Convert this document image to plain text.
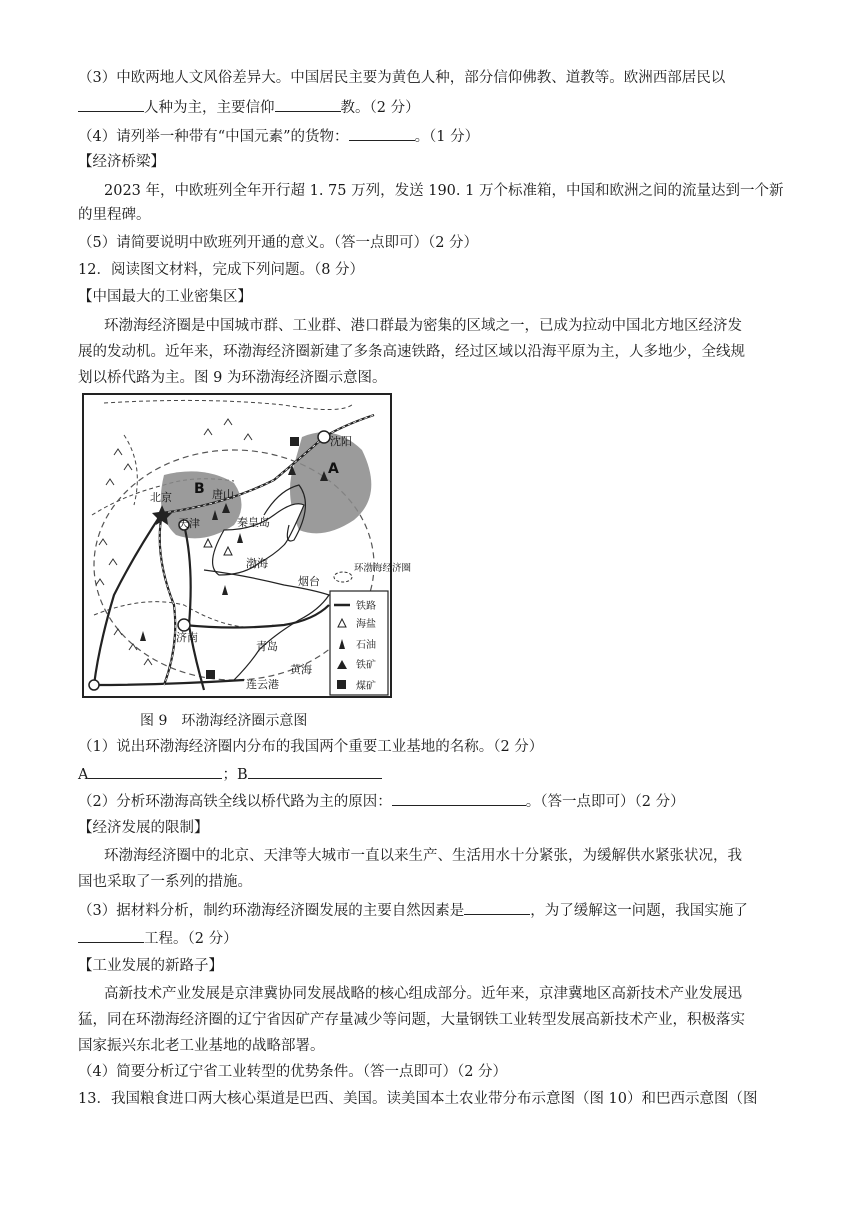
（3）中欧两地人文风俗差异大。中国居民主要为黄色人种，部分信仰佛教、道教等。欧洲西部居民以
人种为主，主要信仰	教。（2 分）
（4）请列举一种带有“中国元素”的货物：	。（1 分）
【经济桥梁】
2023 年，中欧班列全年开行超 1. 75 万列，发送 190. 1 万个标准箱，中国和欧洲之间的流量达到一个新
的里程碑。
（5）请简要说明中欧班列开通的意义。（答一点即可）（2 分）
12．阅读图文材料，完成下列问题。（8 分）
【中国最大的工业密集区】
环渤海经济圈是中国城市群、工业群、港口群最为密集的区域之一，已成为拉动中国北方地区经济发
展的发动机。近年来，环渤海经济圈新建了多条高速铁路，经过区域以沿海平原为主，人多地少，全线规
划以桥代路为主。图 9 为环渤海经济圈示意图。
北京
天津
唐山
沈阳
秦皇岛
渤海
烟台
济南
青岛
黄海
连云港
A
B
环渤海经济圈
铁路
海盐
石油
铁矿
煤矿
图 9　环渤海经济圈示意图
（1）说出环渤海经济圈内分布的我国两个重要工业基地的名称。（2 分）
A	；B
（2）分析环渤海高铁全线以桥代路为主的原因：	。（答一点即可）（2 分）
【经济发展的限制】
环渤海经济圈中的北京、天津等大城市一直以来生产、生活用水十分紧张，为缓解供水紧张状况，我
国也采取了一系列的措施。
（3）据材料分析，制约环渤海经济圈发展的主要自然因素是	，为了缓解这一问题，我国实施了
工程。（2 分）
【工业发展的新路子】
高新技术产业发展是京津冀协同发展战略的核心组成部分。近年来，京津冀地区高新技术产业发展迅
猛，同在环渤海经济圈的辽宁省因矿产存量减少等问题，大量钢铁工业转型发展高新技术产业，积极落实
国家振兴东北老工业基地的战略部署。
（4）简要分析辽宁省工业转型的优势条件。（答一点即可）（2 分）
13．我国粮食进口两大核心渠道是巴西、美国。读美国本土农业带分布示意图（图 10）和巴西示意图（图
